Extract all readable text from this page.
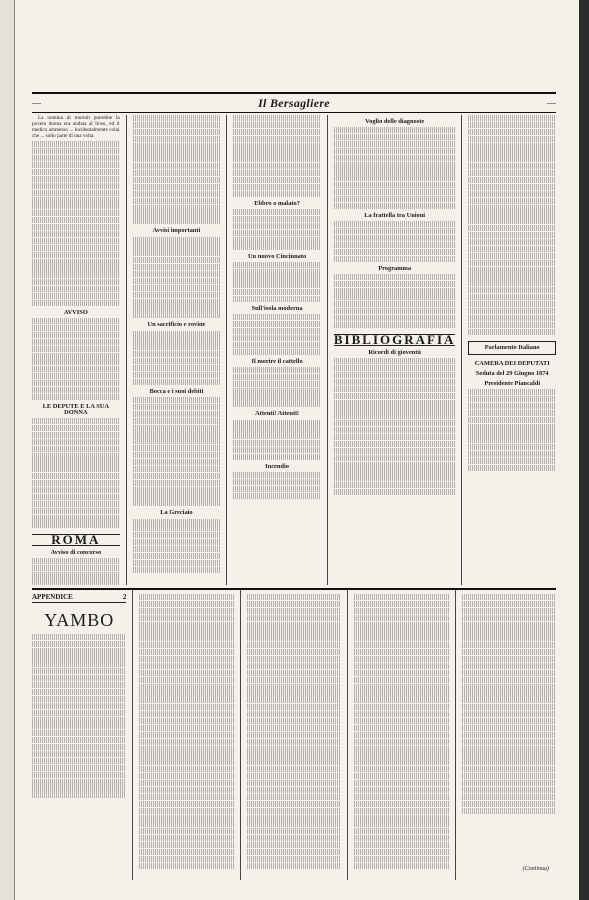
—	Il Bersagliere	—

La nomina di mortuli potrebbe la povera donna era andata al liceo, ed il medico ammesso ... incidentalmente colui che ... sollo parte di una volta.

AVVISO
LE DEPUTE E LA SUA DONNA
ROMA
Avviso di concorso
Avvisi importanti
Un sacrificio e rovine
Bocca e i suoi debiti
La Greciaio
Ebbro o malato?
Un nuovo Cincinnato
Sull'isola moderna
Il morire il cattello
Attenti! Attenti!
Incendio
Voglio delle diagnoste
La frattella tra Unioni
Programma
BIBLIOGRAFIA
Ricordi di gioventù
Parlamento Italiano
CAMERA DEI DEPUTATI
Seduta del 29 Giugno 1874
Presidente Piancaldi
APPENDICE	2
YAMBO
(Continua)
